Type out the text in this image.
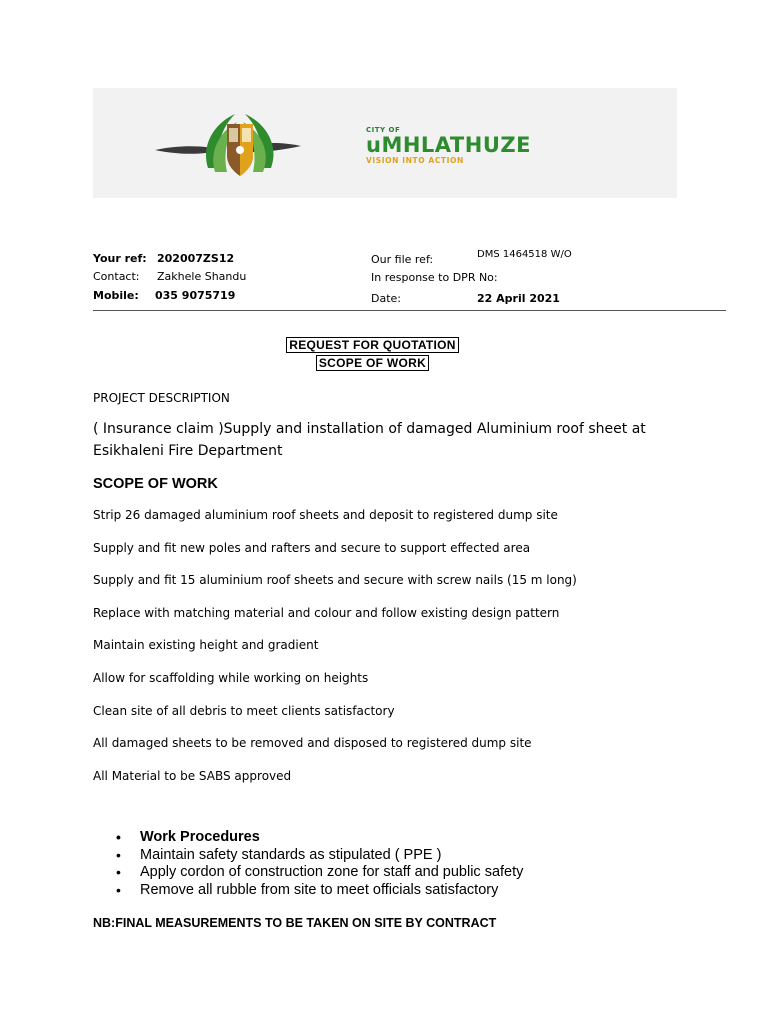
CITY OF
uMHLATHUZE
VISION INTO ACTION
Your ref: 202007ZS12
Contact: Zakhele Shandu
Mobile: 035 9075719
Our file ref:	DMS 1464518 W/O
In response to DPR No:
Date:	22 April 2021
REQUEST FOR QUOTATION
SCOPE OF WORK
PROJECT DESCRIPTION
( Insurance claim )Supply and installation of damaged Aluminium roof sheet at Esikhaleni Fire Department
SCOPE OF WORK
Strip 26 damaged aluminium roof sheets and deposit to registered dump site
Supply and fit new poles and rafters and secure to support effected area
Supply and fit 15 aluminium roof sheets and secure with screw nails (15 m long)
Replace with matching material and colour and follow existing design pattern
Maintain existing height and gradient
Allow for scaffolding while working on heights
Clean site of all debris to meet clients satisfactory
All damaged sheets to be removed and disposed to registered dump site
All Material to be SABS approved
• Work Procedures
• Maintain safety standards as stipulated ( PPE )
• Apply cordon of construction zone for staff and public safety
• Remove all rubble from site to meet officials satisfactory
NB:FINAL MEASUREMENTS TO BE TAKEN ON SITE BY CONTRACT
